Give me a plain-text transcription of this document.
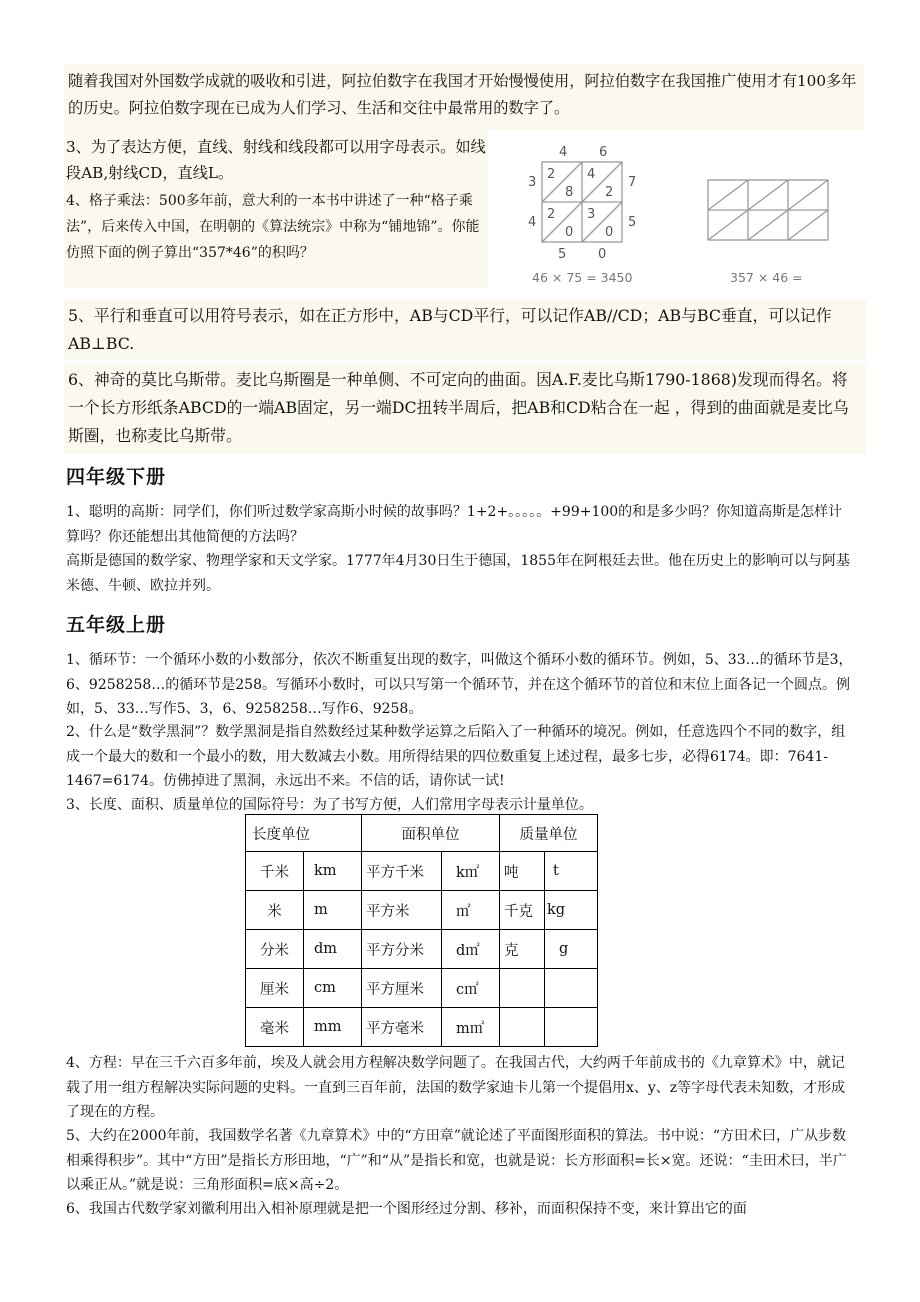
随着我国对外国数学成就的吸收和引进，阿拉伯数字在我国才开始慢慢使用，阿拉伯数字在我国推广使用才有100多年的历史。阿拉伯数字现在已成为人们学习、生活和交往中最常用的数字了。

3、为了表达方便，直线、射线和线段都可以用字母表示。如线段AB,射线CD，直线L。

4、格子乘法：500多年前，意大利的一本书中讲述了一种“格子乘法”，后来传入中国，在明朝的《算法统宗》中称为“铺地锦”。你能仿照下面的例子算出“357*46”的积吗？

4 6
7
5
3
4
5 0
2
8
4
2
2
0
3
0
46 × 75 = 3450	357 × 46 =

5、平行和垂直可以用符号表示，如在正方形中，AB与CD平行，可以记作AB//CD；AB与BC垂直，可以记作AB⊥BC.

6、神奇的莫比乌斯带。麦比乌斯圈是一种单侧、不可定向的曲面。因A.F.麦比乌斯1790-1868)发现而得名。将一个长方形纸条ABCD的一端AB固定，另一端DC扭转半周后，把AB和CD粘合在一起 ，得到的曲面就是麦比乌斯圈，也称麦比乌斯带。

四年级下册

1、聪明的高斯：同学们，你们听过数学家高斯小时候的故事吗？1+2+。。。。。+99+100的和是多少吗？你知道高斯是怎样计算吗？你还能想出其他简便的方法吗？

高斯是德国的数学家、物理学家和天文学家。1777年4月30日生于德国，1855年在阿根廷去世。他在历史上的影响可以与阿基米德、牛顿、欧拉并列。

五年级上册

1、循环节：一个循环小数的小数部分，依次不断重复出现的数字，叫做这个循环小数的循环节。例如，5、33…的循环节是3， 6、9258258…的循环节是258。写循环小数时，可以只写第一个循环节，并在这个循环节的首位和末位上面各记一个圆点。例如，5、33…写作5、3，6、9258258…写作6、9258。

2、什么是“数学黑洞”？数学黑洞是指自然数经过某种数学运算之后陷入了一种循环的境况。例如，任意选四个不同的数字，组成一个最大的数和一个最小的数，用大数减去小数。用所得结果的四位数重复上述过程，最多七步，必得6174。即：7641-1467=6174。仿佛掉进了黑洞，永远出不来。不信的话，请你试一试!

3、长度、面积、质量单位的国际符号：为了书写方便，人们常用字母表示计量单位。

长度单位		面积单位		质量单位	
千米	km	平方千米	k㎡	吨	t
米	m	平方米	㎡	千克	kg
分米	dm	平方分米	d㎡	克	g
厘米	cm	平方厘米	c㎡		
毫米	mm	平方毫米	m㎡		

4、方程：早在三千六百多年前，埃及人就会用方程解决数学问题了。在我国古代，大约两千年前成书的《九章算术》中，就记载了用一组方程解决实际问题的史料。一直到三百年前，法国的数学家迪卡儿第一个提倡用x、y、z等字母代表未知数，才形成了现在的方程。

5、大约在2000年前，我国数学名著《九章算术》中的“方田章”就论述了平面图形面积的算法。书中说：“方田术曰，广从步数相乘得积步”。其中“方田”是指长方形田地，“广”和“从”是指长和宽，也就是说：长方形面积=长×宽。还说：“圭田术曰，半广以乘正从。”就是说：三角形面积=底×高÷2。

6、我国古代数学家刘徽利用出入相补原理就是把一个图形经过分割、移补，而面积保持不变，来计算出它的面
